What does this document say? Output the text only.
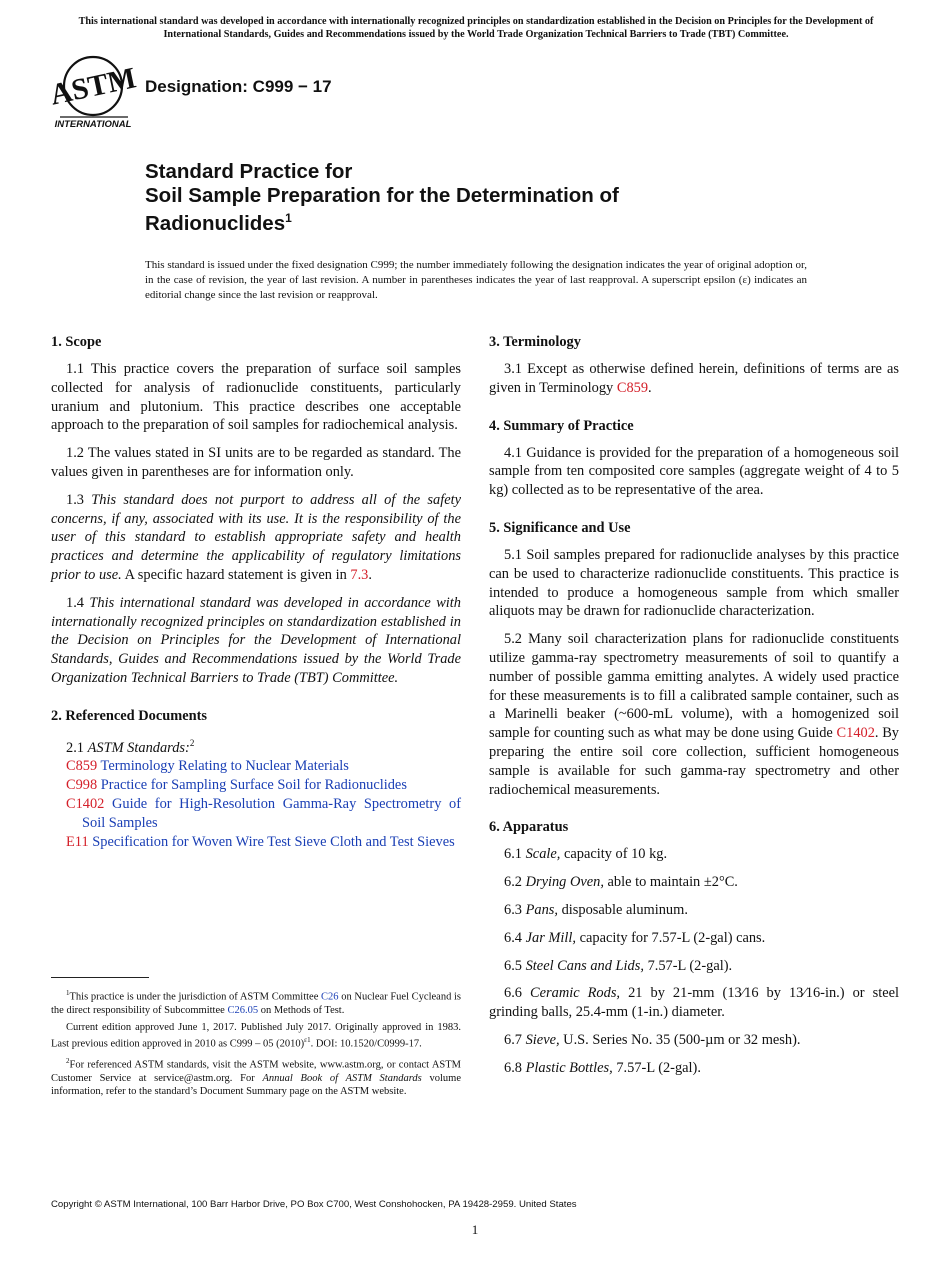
This international standard was developed in accordance with internationally recognized principles on standardization established in the Decision on Principles for the Development of International Standards, Guides and Recommendations issued by the World Trade Organization Technical Barriers to Trade (TBT) Committee.
ASTM
INTERNATIONAL
Designation: C999 − 17
Standard Practice for
Soil Sample Preparation for the Determination of
Radionuclides$^1$
This standard is issued under the fixed designation C999; the number immediately following the designation indicates the year of original adoption or, in the case of revision, the year of last revision. A number in parentheses indicates the year of last reapproval. A superscript epsilon (ε) indicates an editorial change since the last revision or reapproval.
1. Scope

1.1 This practice covers the preparation of surface soil samples collected for analysis of radionuclide constituents, particularly uranium and plutonium. This practice describes one acceptable approach to the preparation of soil samples for radiochemical analysis.

1.2 The values stated in SI units are to be regarded as standard. The values given in parentheses are for information only.

1.3 This standard does not purport to address all of the safety concerns, if any, associated with its use. It is the responsibility of the user of this standard to establish appropriate safety and health practices and determine the applicability of regulatory limitations prior to use. A specific hazard statement is given in 7.3.

1.4 This international standard was developed in accordance with internationally recognized principles on standardization established in the Decision on Principles for the Development of International Standards, Guides and Recommendations issued by the World Trade Organization Technical Barriers to Trade (TBT) Committee.

2. Referenced Documents

2.1 ASTM Standards:$^2$

C859 Terminology Relating to Nuclear Materials
C998 Practice for Sampling Surface Soil for Radionuclides
C1402 Guide for High-Resolution Gamma-Ray Spectrometry of Soil Samples
E11 Specification for Woven Wire Test Sieve Cloth and Test Sieves
3. Terminology

3.1 Except as otherwise defined herein, definitions of terms are as given in Terminology C859.

4. Summary of Practice

4.1 Guidance is provided for the preparation of a homogeneous soil sample from ten composited core samples (aggregate weight of 4 to 5 kg) collected as to be representative of the area.

5. Significance and Use

5.1 Soil samples prepared for radionuclide analyses by this practice can be used to characterize radionuclide constituents. This practice is intended to produce a homogeneous sample from which smaller aliquots may be drawn for radionuclide characterization.

5.2 Many soil characterization plans for radionuclide constituents utilize gamma-ray spectrometry measurements of soil to quantify a number of possible gamma emitting analytes. A widely used practice for these measurements is to fill a calibrated sample container, such as a Marinelli beaker (~600-mL volume), with a homogenized soil sample for counting such as what may be done using Guide C1402. By preparing the entire soil core collection, sufficient homogeneous sample is available for such gamma-ray spectrometry and other radiochemical measurements.

6. Apparatus

6.1 Scale, capacity of 10 kg.

6.2 Drying Oven, able to maintain ±2°C.

6.3 Pans, disposable aluminum.

6.4 Jar Mill, capacity for 7.57-L (2-gal) cans.

6.5 Steel Cans and Lids, 7.57-L (2-gal).

6.6 Ceramic Rods, 21 by 21-mm (13⁄16 by 13⁄16-in.) or steel grinding balls, 25.4-mm (1-in.) diameter.

6.7 Sieve, U.S. Series No. 35 (500-µm or 32 mesh).

6.8 Plastic Bottles, 7.57-L (2-gal).

$^1$This practice is under the jurisdiction of ASTM Committee C26 on Nuclear Fuel Cycleand is the direct responsibility of Subcommittee C26.05 on Methods of Test.

Current edition approved June 1, 2017. Published July 2017. Originally approved in 1983. Last previous edition approved in 2010 as C999 – 05 $(2010)^{\varepsilon 1}$. DOI: 10.1520/C0999-17.

$^2$For referenced ASTM standards, visit the ASTM website, www.astm.org, or contact ASTM Customer Service at service@astm.org. For Annual Book of ASTM Standards volume information, refer to the standard’s Document Summary page on the ASTM website.

Copyright © ASTM International, 100 Barr Harbor Drive, PO Box C700, West Conshohocken, PA 19428-2959. United States
1
